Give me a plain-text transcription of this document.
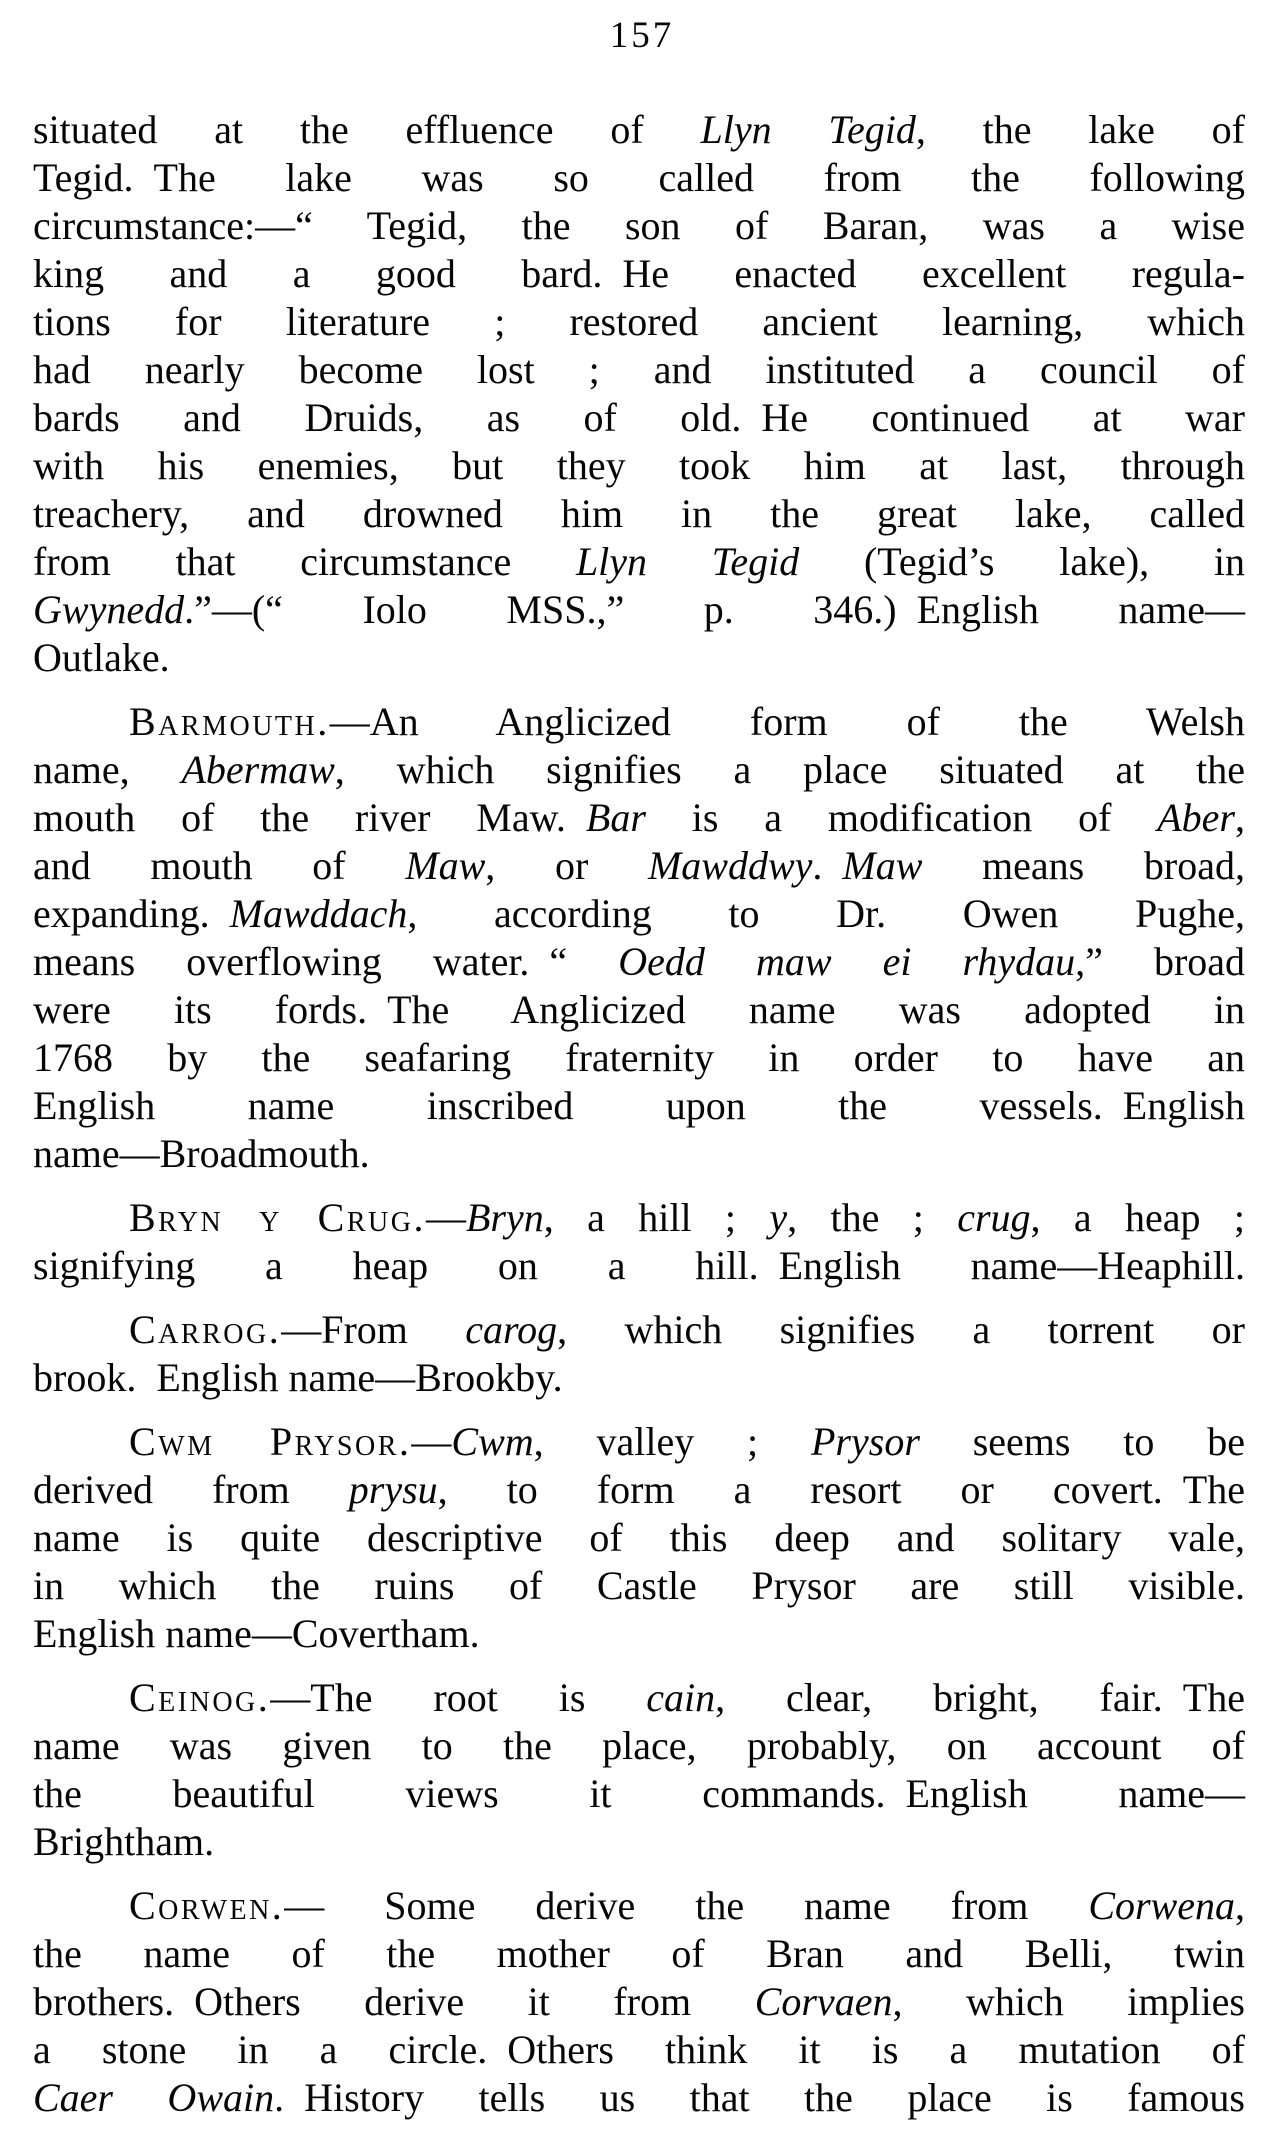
157
situated at the effluence of Llyn Tegid, the lake of
Tegid. The lake was so called from the following
circumstance:—“ Tegid, the son of Baran, was a wise
king and a good bard. He enacted excellent regula-
tions for literature ; restored ancient learning, which
had nearly become lost ; and instituted a council of
bards and Druids, as of old. He continued at war
with his enemies, but they took him at last, through
treachery, and drowned him in the great lake, called
from that circumstance Llyn Tegid (Tegid’s lake), in
Gwynedd.”—(“ Iolo MSS.,” p. 346.) English name—
Outlake.
Barmouth.—An Anglicized form of the Welsh
name, Abermaw, which signifies a place situated at the
mouth of the river Maw. Bar is a modification of Aber,
and mouth of Maw, or Mawddwy. Maw means broad,
expanding. Mawddach, according to Dr. Owen Pughe,
means overflowing water. “ Oedd maw ei rhydau,” broad
were its fords. The Anglicized name was adopted in
1768 by the seafaring fraternity in order to have an
English name inscribed upon the vessels. English
name—Broadmouth.
Bryn y Crug.—Bryn, a hill ; y, the ; crug, a heap ;
signifying a heap on a hill. English name—Heaphill.
Carrog.—From carog, which signifies a torrent or
brook. English name—Brookby.
Cwm Prysor.—Cwm, valley ; Prysor seems to be
derived from prysu, to form a resort or covert. The
name is quite descriptive of this deep and solitary vale,
in which the ruins of Castle Prysor are still visible.
English name—Covertham.
Ceinog.—The root is cain, clear, bright, fair. The
name was given to the place, probably, on account of
the beautiful views it commands. English name—
Brightham.
Corwen.— Some derive the name from Corwena,
the name of the mother of Bran and Belli, twin
brothers. Others derive it from Corvaen, which implies
a stone in a circle. Others think it is a mutation of
Caer Owain. History tells us that the place is famous
